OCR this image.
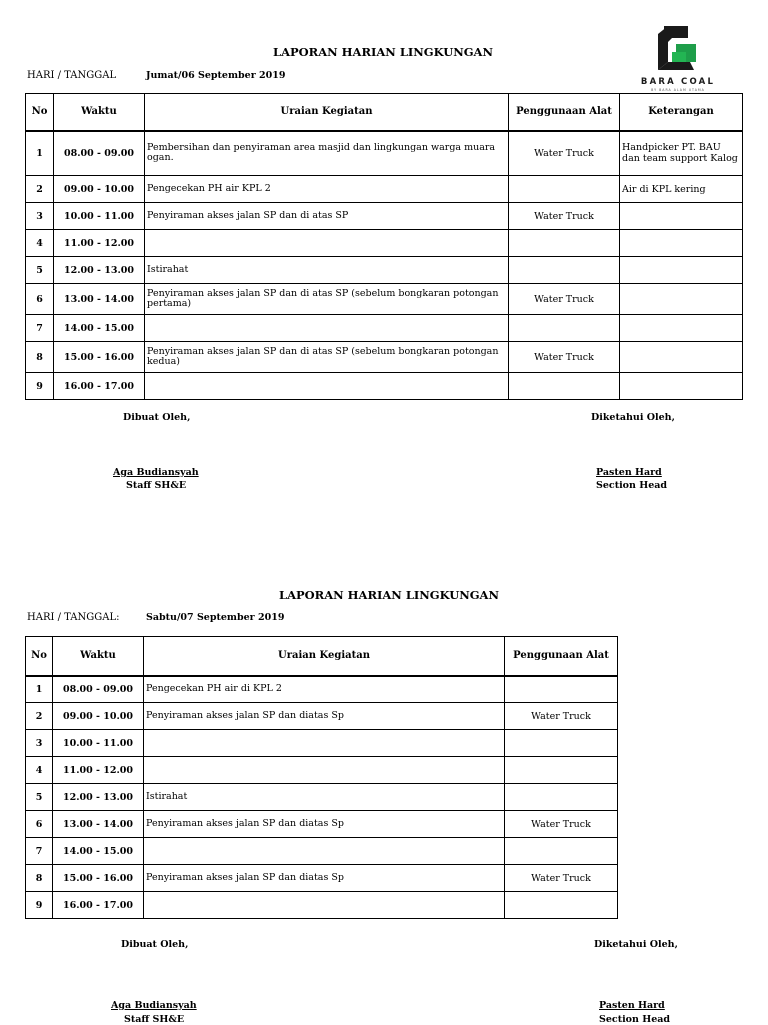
BARA COAL
BY BARA ALAM UTAMA
LAPORAN HARIAN LINGKUNGAN
HARI / TANGGAL	Jumat/06 September 2019
No	Waktu	Uraian Kegiatan	Penggunaan Alat	Keterangan
1	08.00 - 09.00	Pembersihan dan penyiraman area masjid dan lingkungan warga muara ogan.	Water Truck	Handpicker PT. BAU dan team support Kalog
2	09.00 - 10.00	Pengecekan PH air KPL 2		Air di KPL kering
3	10.00 - 11.00	Penyiraman akses jalan SP dan di atas SP	Water Truck	
4	11.00 - 12.00			
5	12.00 - 13.00	Istirahat		
6	13.00 - 14.00	Penyiraman akses jalan SP dan di atas SP (sebelum bongkaran potongan pertama)	Water Truck	
7	14.00 - 15.00			
8	15.00 - 16.00	Penyiraman akses jalan SP dan di atas SP (sebelum bongkaran potongan kedua)	Water Truck	
9	16.00 - 17.00			
Dibuat Oleh,	Diketahui Oleh,
Aga Budiansyah
Staff SH&E
Pasten Hard
Section Head
LAPORAN HARIAN LINGKUNGAN
HARI / TANGGAL:	Sabtu/07 September 2019
No	Waktu	Uraian Kegiatan	Penggunaan Alat
1	08.00 - 09.00	Pengecekan PH air di KPL 2	
2	09.00 - 10.00	Penyiraman akses jalan SP dan diatas Sp	Water Truck
3	10.00 - 11.00		
4	11.00 - 12.00		
5	12.00 - 13.00	Istirahat	
6	13.00 - 14.00	Penyiraman akses jalan SP dan diatas Sp	Water Truck
7	14.00 - 15.00		
8	15.00 - 16.00	Penyiraman akses jalan SP dan diatas Sp	Water Truck
9	16.00 - 17.00		
Dibuat Oleh,	Diketahui Oleh,
Pasten Hard
Section Head
Aga Budiansyah
Staff SH&E
